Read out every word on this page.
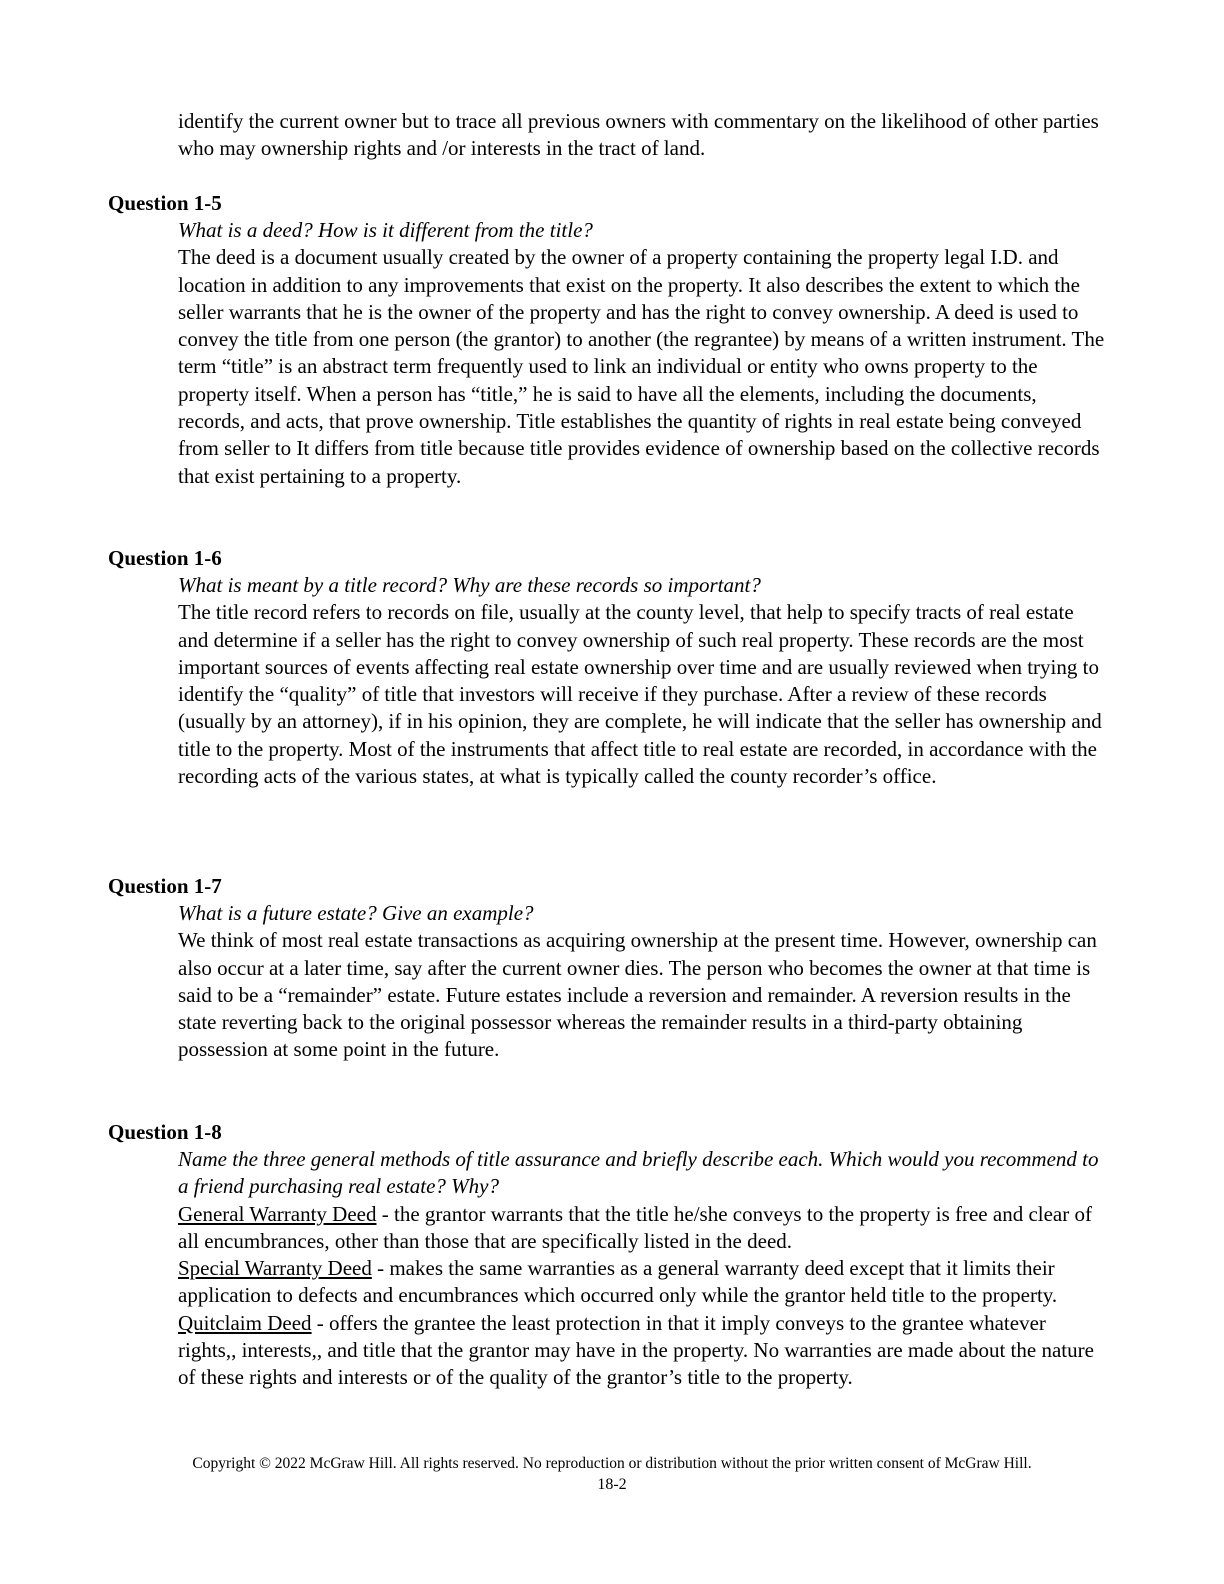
identify the current owner but to trace all previous owners with commentary on the likelihood of other parties who may ownership rights and /or interests in the tract of land.
Question 1-5
What is a deed? How is it different from the title?
The deed is a document usually created by the owner of a property containing the property legal I.D. and location in addition to any improvements that exist on the property. It also describes the extent to which the seller warrants that he is the owner of the property and has the right to convey ownership. A deed is used to convey the title from one person (the grantor) to another (the regrantee) by means of a written instrument. The term “title” is an abstract term frequently used to link an individual or entity who owns property to the property itself. When a person has “title,” he is said to have all the elements, including the documents, records, and acts, that prove ownership. Title establishes the quantity of rights in real estate being conveyed from seller to It differs from title because title provides evidence of ownership based on the collective records that exist pertaining to a property.
Question 1-6
What is meant by a title record? Why are these records so important?
The title record refers to records on file, usually at the county level, that help to specify tracts of real estate and determine if a seller has the right to convey ownership of such real property. These records are the most important sources of events affecting real estate ownership over time and are usually reviewed when trying to identify the “quality” of title that investors will receive if they purchase. After a review of these records (usually by an attorney), if in his opinion, they are complete, he will indicate that the seller has ownership and title to the property. Most of the instruments that affect title to real estate are recorded, in accordance with the recording acts of the various states, at what is typically called the county recorder’s office.
Question 1-7
What is a future estate? Give an example?
We think of most real estate transactions as acquiring ownership at the present time. However, ownership can also occur at a later time, say after the current owner dies. The person who becomes the owner at that time is said to be a “remainder” estate. Future estates include a reversion and remainder. A reversion results in the state reverting back to the original possessor whereas the remainder results in a third-party obtaining possession at some point in the future.
Question 1-8
Name the three general methods of title assurance and briefly describe each. Which would you recommend to a friend purchasing real estate? Why?
General Warranty Deed - the grantor warrants that the title he/she conveys to the property is free and clear of all encumbrances, other than those that are specifically listed in the deed.
Special Warranty Deed - makes the same warranties as a general warranty deed except that it limits their application to defects and encumbrances which occurred only while the grantor held title to the property.
Quitclaim Deed - offers the grantee the least protection in that it imply conveys to the grantee whatever rights,, interests,, and title that the grantor may have in the property. No warranties are made about the nature of these rights and interests or of the quality of the grantor’s title to the property.
Copyright © 2022 McGraw Hill. All rights reserved. No reproduction or distribution without the prior written consent of McGraw Hill.
18-2
